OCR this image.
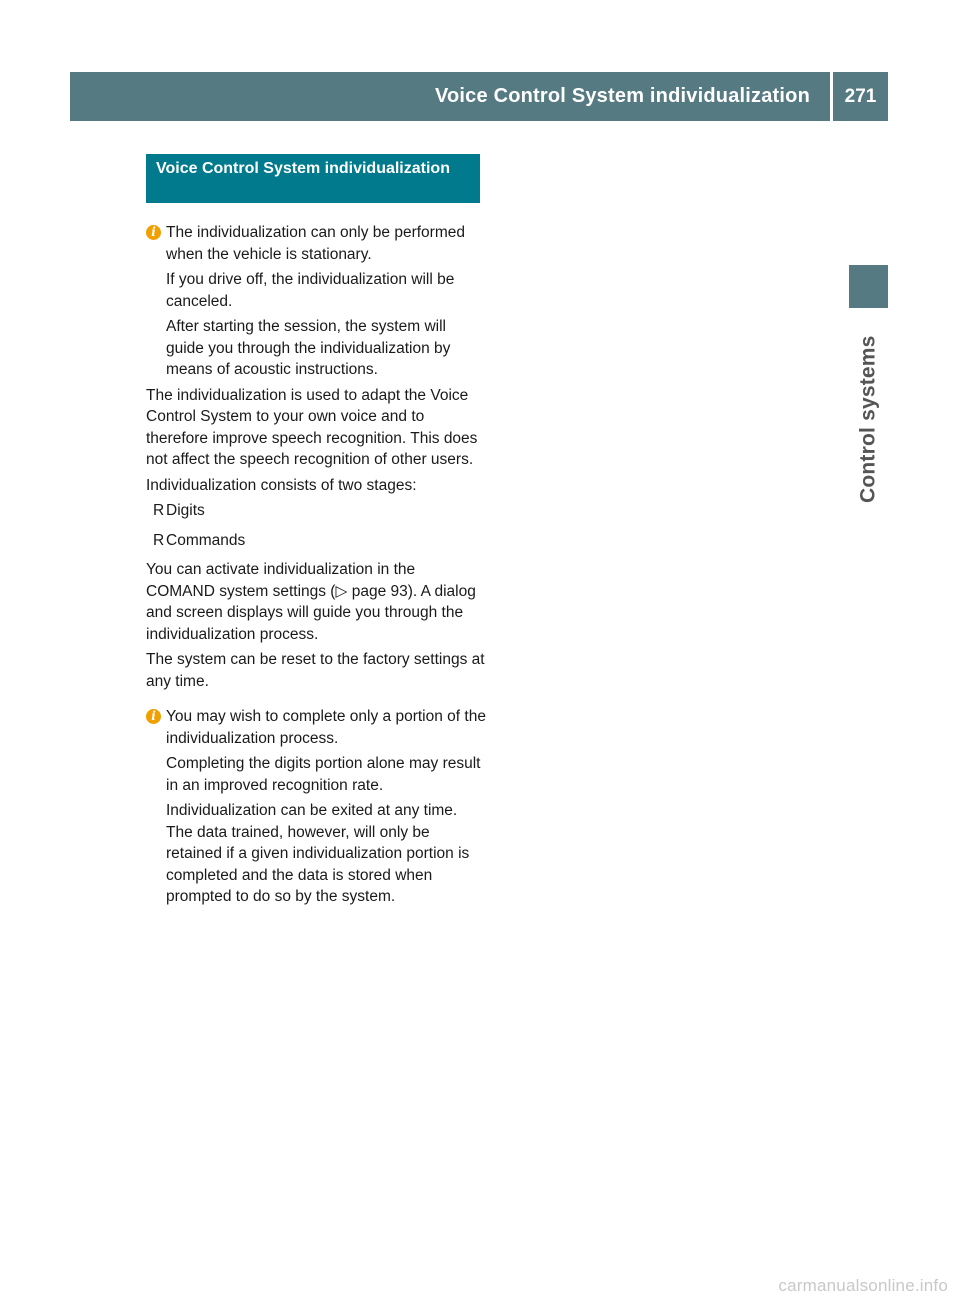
Voice Control System individualization	271
Control systems
Voice Control System individualization
i The individualization can only be performed when the vehicle is stationary.

If you drive off, the individualization will be canceled.

After starting the session, the system will guide you through the individualization by means of acoustic instructions.

The individualization is used to adapt the Voice Control System to your own voice and to therefore improve speech recognition. This does not affect the speech recognition of other users.

Individualization consists of two stages:

R Digits
R Commands

You can activate individualization in the COMAND system settings (▷ page 93). A dialog and screen displays will guide you through the individualization process.

The system can be reset to the factory settings at any time.

i You may wish to complete only a portion of the individualization process.

Completing the digits portion alone may result in an improved recognition rate.

Individualization can be exited at any time. The data trained, however, will only be retained if a given individualization portion is completed and the data is stored when prompted to do so by the system.

carmanualsonline.info
